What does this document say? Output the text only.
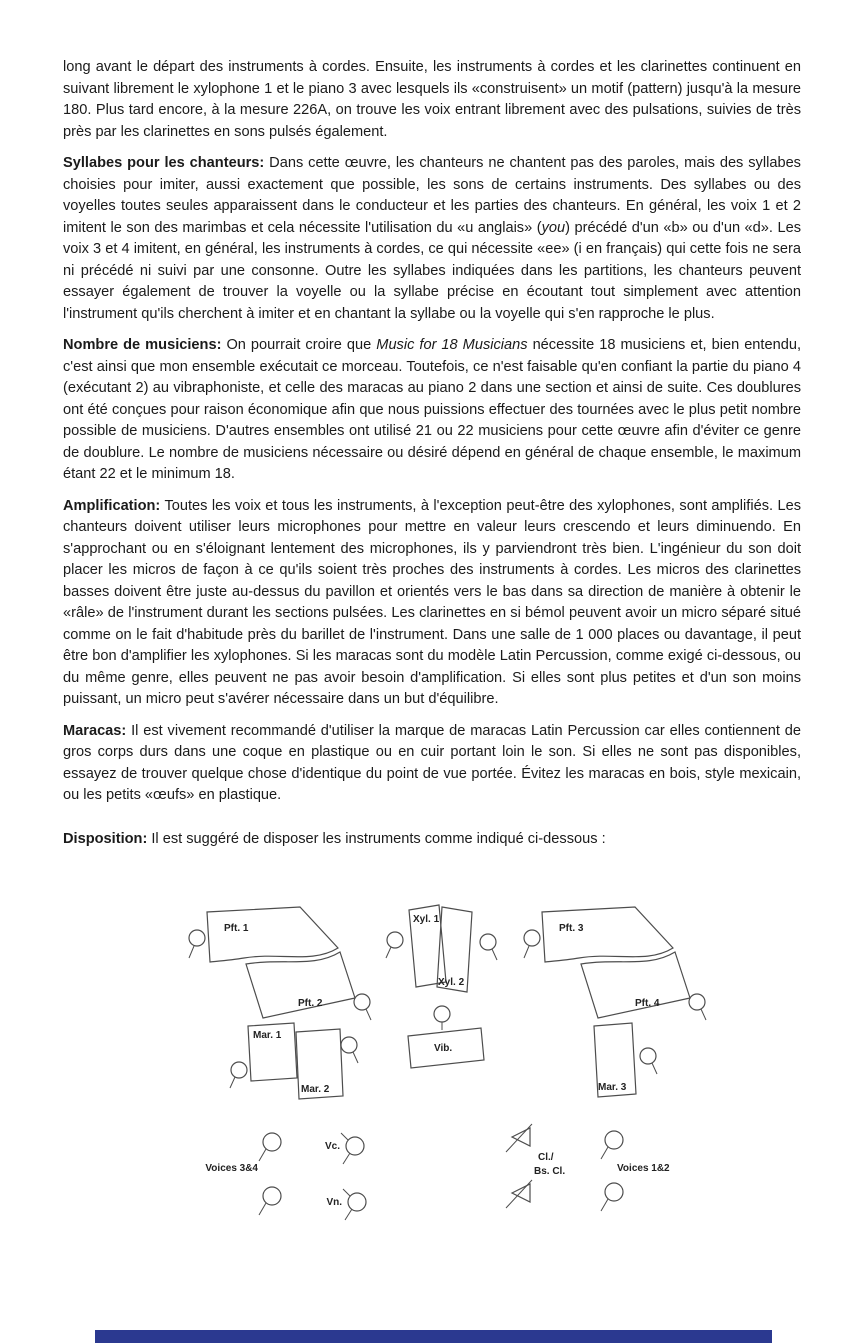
long avant le départ des instruments à cordes. Ensuite, les instruments à cordes et les clarinettes continuent en suivant librement le xylophone 1 et le piano 3 avec lesquels ils «construisent» un motif (pattern) jusqu'à la mesure 180. Plus tard encore, à la mesure 226A, on trouve les voix entrant librement avec des pulsations, suivies de très près par les clarinettes en sons pulsés également.

Syllabes pour les chanteurs: Dans cette œuvre, les chanteurs ne chantent pas des paroles, mais des syllabes choisies pour imiter, aussi exactement que possible, les sons de certains instruments. Des syllabes ou des voyelles toutes seules apparaissent dans le conducteur et les parties des chanteurs. En général, les voix 1 et 2 imitent le son des marimbas et cela nécessite l'utilisation du «u anglais» (you) précédé d'un «b» ou d'un «d». Les voix 3 et 4 imitent, en général, les instruments à cordes, ce qui nécessite «ee» (i en français) qui cette fois ne sera ni précédé ni suivi par une consonne. Outre les syllabes indiquées dans les partitions, les chanteurs peuvent essayer également de trouver la voyelle ou la syllabe précise en écoutant tout simplement avec attention l'instrument qu'ils cherchent à imiter et en chantant la syllabe ou la voyelle qui s'en rapproche le plus.

Nombre de musiciens: On pourrait croire que Music for 18 Musicians nécessite 18 musiciens et, bien entendu, c'est ainsi que mon ensemble exécutait ce morceau. Toutefois, ce n'est faisable qu'en confiant la partie du piano 4 (exécutant 2) au vibraphoniste, et celle des maracas au piano 2 dans une section et ainsi de suite. Ces doublures ont été conçues pour raison économique afin que nous puissions effectuer des tournées avec le plus petit nombre possible de musiciens. D'autres ensembles ont utilisé 21 ou 22 musiciens pour cette œuvre afin d'éviter ce genre de doublure. Le nombre de musiciens nécessaire ou désiré dépend en général de chaque ensemble, le maximum étant 22 et le minimum 18.

Amplification: Toutes les voix et tous les instruments, à l'exception peut-être des xylophones, sont amplifiés. Les chanteurs doivent utiliser leurs microphones pour mettre en valeur leurs crescendo et leurs diminuendo. En s'approchant ou en s'éloignant lentement des microphones, ils y parviendront très bien. L'ingénieur du son doit placer les micros de façon à ce qu'ils soient très proches des instruments à cordes. Les micros des clarinettes basses doivent être juste au-dessus du pavillon et orientés vers le bas dans sa direction de manière à obtenir le «râle» de l'instrument durant les sections pulsées. Les clarinettes en si bémol peuvent avoir un micro séparé situé comme on le fait d'habitude près du barillet de l'instrument. Dans une salle de 1 000 places ou davantage, il peut être bon d'amplifier les xylophones. Si les maracas sont du modèle Latin Percussion, comme exigé ci-dessous, ou du même genre, elles peuvent ne pas avoir besoin d'amplification. Si elles sont plus petites et d'un son moins puissant, un micro peut s'avérer nécessaire dans un but d'équilibre.

Maracas: Il est vivement recommandé d'utiliser la marque de maracas Latin Percussion car elles contiennent de gros corps durs dans une coque en plastique ou en cuir portant loin le son. Si elles ne sont pas disponibles, essayez de trouver quelque chose d'identique du point de vue portée. Évitez les maracas en bois, style mexicain, ou les petits «œufs» en plastique.

Disposition: Il est suggéré de disposer les instruments comme indiqué ci-dessous :

Pft. 1
Pft. 2
Xyl. 1
Xyl. 2
Pft. 3
Pft. 4
Mar. 1
Mar. 2
Vib.
Mar. 3
Voices 3&4
Vc.
Vn.
Cl./
Bs. Cl.	Voices 1&2
